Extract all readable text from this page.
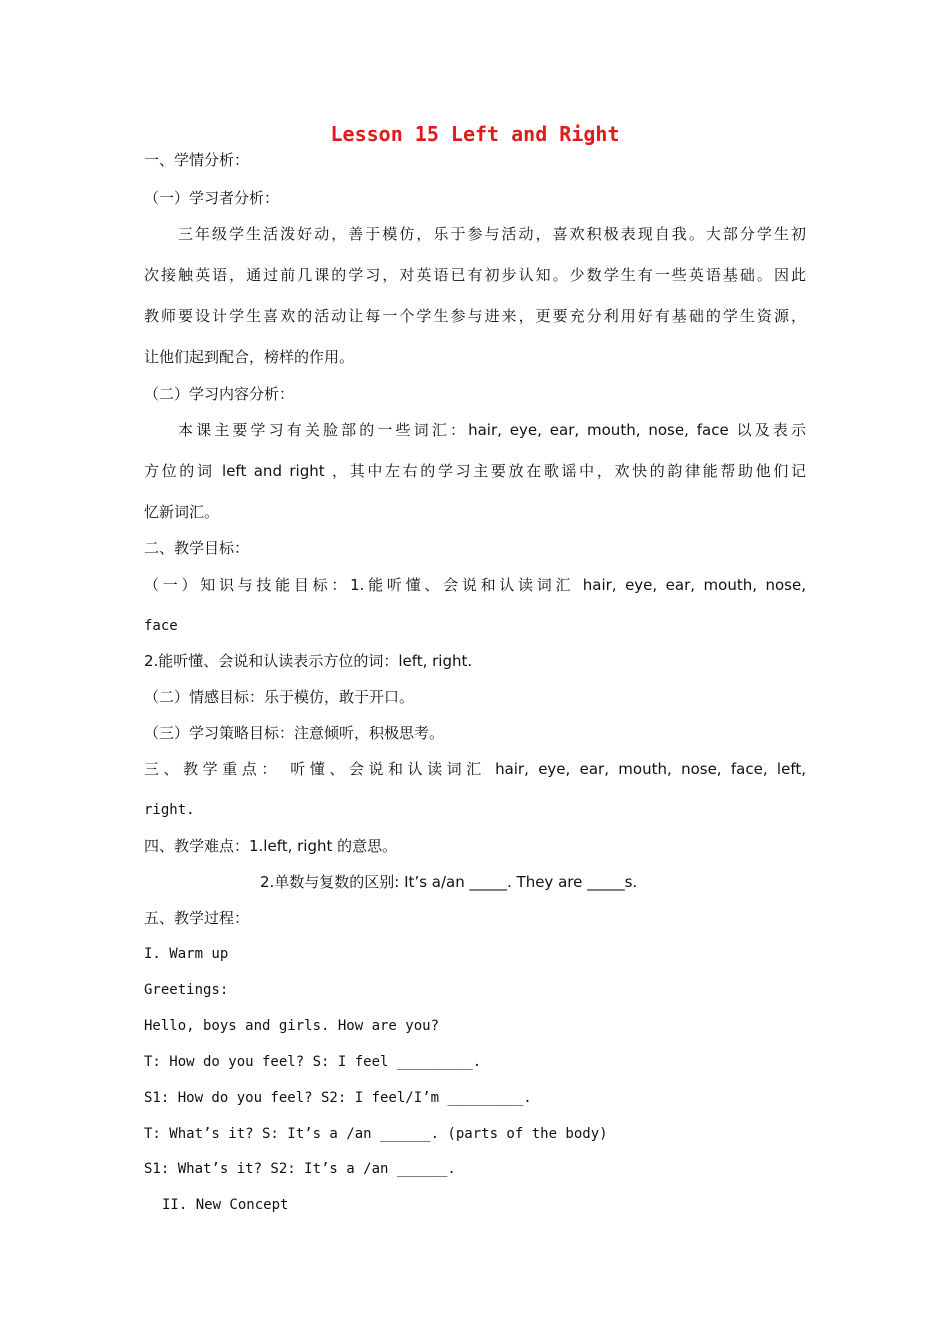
Lesson 15 Left and Right
一、学情分析：
（一）学习者分析：
三年级学生活泼好动，善于模仿，乐于参与活动，喜欢积极表现自我。大部分学生初
次接触英语，通过前几课的学习，对英语已有初步认知。少数学生有一些英语基础。因此
教师要设计学生喜欢的活动让每一个学生参与进来，更要充分利用好有基础的学生资源，
让他们起到配合，榜样的作用。
（二）学习内容分析：
本课主要学习有关脸部的一些词汇：hair, eye, ear, mouth, nose, face 以及表示
方位的词 left and right ，其中左右的学习主要放在歌谣中，欢快的韵律能帮助他们记
忆新词汇。
二、教学目标：
（一）知识与技能目标：1.能听懂、会说和认读词汇 hair, eye, ear, mouth, nose,
face
2.能听懂、会说和认读表示方位的词：left, right.
（二）情感目标：乐于模仿，敢于开口。
（三）学习策略目标：注意倾听，积极思考。
三、教学重点： 听懂、会说和认读词汇 hair, eye, ear, mouth, nose, face, left,
right.
四、教学难点：1.left, right 的意思。
2.单数与复数的区别: It’s a/an _____. They are _____s.
五、教学过程：
I. Warm up
Greetings:
Hello, boys and girls. How are you?
T: How do you feel? S: I feel _________.
S1: How do you feel? S2: I feel/I’m _________.
T: What’s it? S: It’s a /an ______. (parts of the body)
S1: What’s it? S2: It’s a /an ______.
II. New Concept
